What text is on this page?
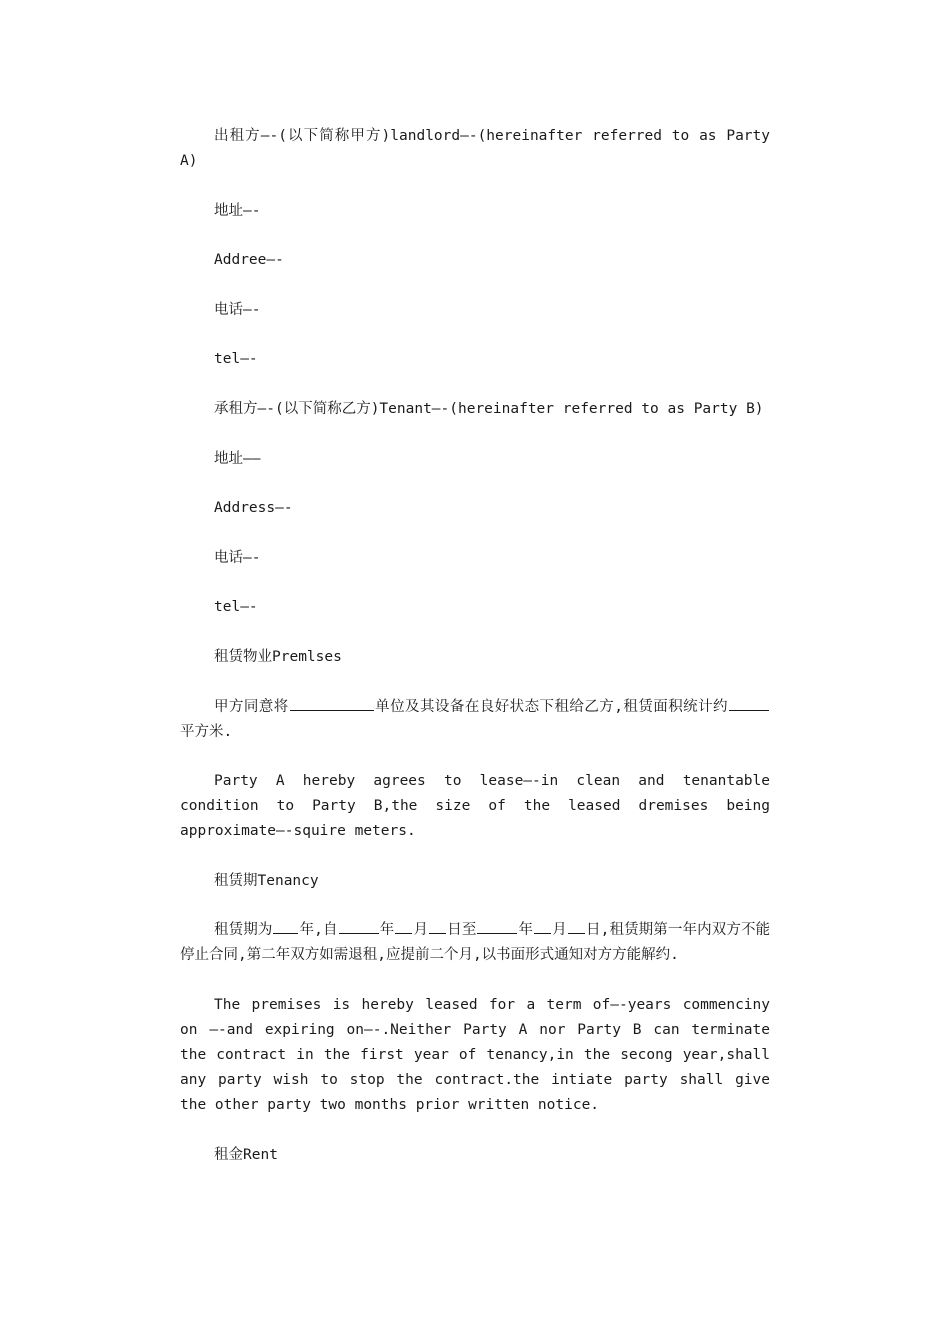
出租方—-(以下简称甲方)landlord—-(hereinafter referred to as Party A)

地址—-

Addree—-

电话—-

tel—-

承租方—-(以下简称乙方)Tenant—-(hereinafter referred to as Party B)

地址——

Address—-

电话—-

tel—-

租赁物业Premlses

甲方同意将	单位及其设备在良好状态下租给乙方,租赁面积统计约平方米.

Party A hereby agrees to lease—-in clean and tenantable condition to Party B,the size of the leased dremises being approximate—-squire meters.

租赁期Tenancy

租赁期为 年,自	年 月 日至	年 月 日,租赁期第一年内双方不能停止合同,第二年双方如需退租,应提前二个月,以书面形式通知对方方能解约.

The premises is hereby leased for a term of—-years commenciny on —-and expiring on—-.Neither Party A nor Party B can terminate the contract in the first year of tenancy,in the secong year,shall any party wish to stop the contract.the intiate party shall give the other party two months prior written notice.

租金Rent
